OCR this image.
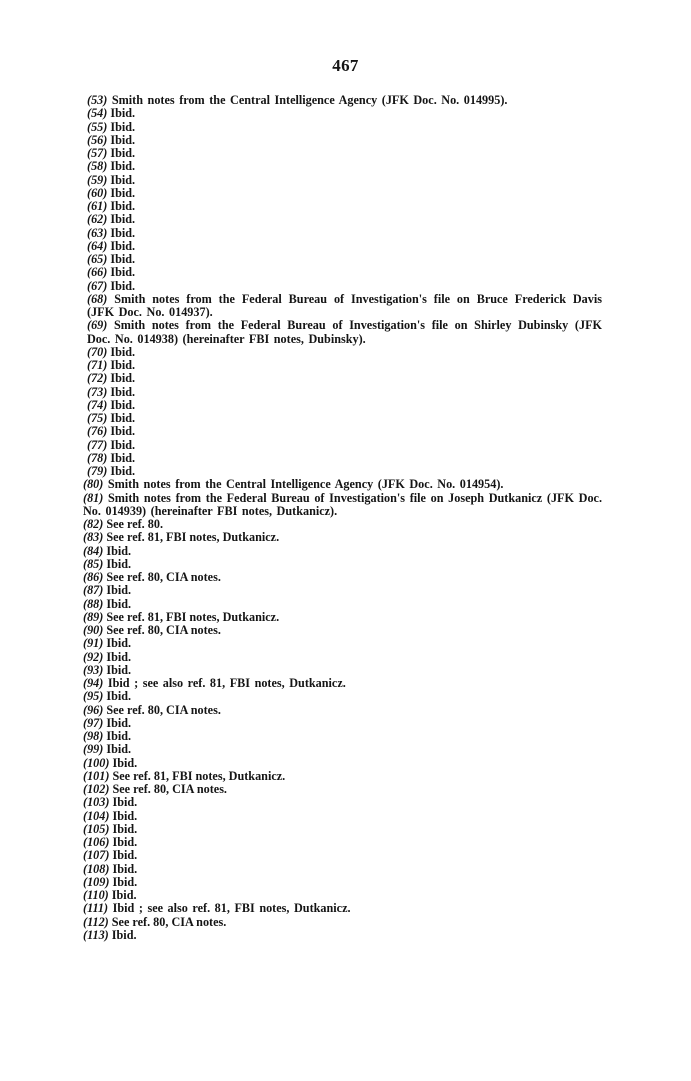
467

(53) Smith notes from the Central Intelligence Agency (JFK Doc. No. 014995).

(54) Ibid.

(55) Ibid.

(56) Ibid.

(57) Ibid.

(58) Ibid.

(59) Ibid.

(60) Ibid.

(61) Ibid.

(62) Ibid.

(63) Ibid.

(64) Ibid.

(65) Ibid.

(66) Ibid.

(67) Ibid.

(68) Smith notes from the Federal Bureau of Investigation's file on Bruce Frederick Davis (JFK Doc. No. 014937).

(69) Smith notes from the Federal Bureau of Investigation's file on Shirley Dubinsky (JFK Doc. No. 014938) (hereinafter FBI notes, Dubinsky).

(70) Ibid.

(71) Ibid.

(72) Ibid.

(73) Ibid.

(74) Ibid.

(75) Ibid.

(76) Ibid.

(77) Ibid.

(78) Ibid.

(79) Ibid.

(80) Smith notes from the Central Intelligence Agency (JFK Doc. No. 014954).

(81) Smith notes from the Federal Bureau of Investigation's file on Joseph Dutkanicz (JFK Doc. No. 014939) (hereinafter FBI notes, Dutkanicz).

(82) See ref. 80.

(83) See ref. 81, FBI notes, Dutkanicz.

(84) Ibid.

(85) Ibid.

(86) See ref. 80, CIA notes.

(87) Ibid.

(88) Ibid.

(89) See ref. 81, FBI notes, Dutkanicz.

(90) See ref. 80, CIA notes.

(91) Ibid.

(92) Ibid.

(93) Ibid.

(94) Ibid ; see also ref. 81, FBI notes, Dutkanicz.

(95) Ibid.

(96) See ref. 80, CIA notes.

(97) Ibid.

(98) Ibid.

(99) Ibid.

(100) Ibid.

(101) See ref. 81, FBI notes, Dutkanicz.

(102) See ref. 80, CIA notes.

(103) Ibid.

(104) Ibid.

(105) Ibid.

(106) Ibid.

(107) Ibid.

(108) Ibid.

(109) Ibid.

(110) Ibid.

(111) Ibid ; see also ref. 81, FBI notes, Dutkanicz.

(112) See ref. 80, CIA notes.

(113) Ibid.
